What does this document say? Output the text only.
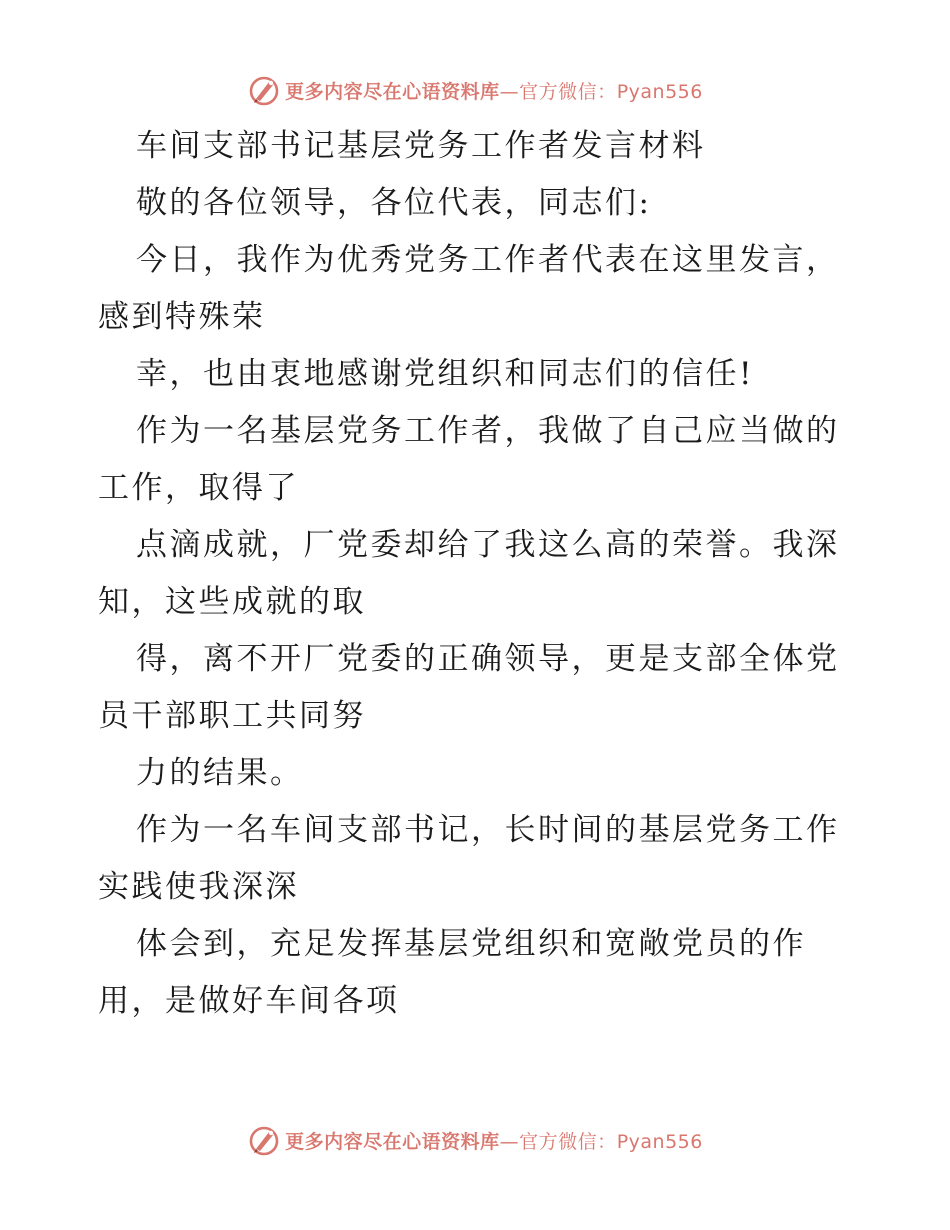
更多内容尽在心语资料库—官方微信：Pyan556
车间支部书记基层党务工作者发言材料
敬的各位领导，各位代表，同志们:
今日，我作为优秀党务工作者代表在这里发言，
感到特殊荣
幸，也由衷地感谢党组织和同志们的信任!
作为一名基层党务工作者，我做了自己应当做的
工作，取得了
点滴成就，厂党委却给了我这么高的荣誉。我深
知，这些成就的取
得，离不开厂党委的正确领导，更是支部全体党
员干部职工共同努
力的结果。
作为一名车间支部书记，长时间的基层党务工作
实践使我深深
体会到，充足发挥基层党组织和宽敞党员的作
用，是做好车间各项
更多内容尽在心语资料库—官方微信：Pyan556
